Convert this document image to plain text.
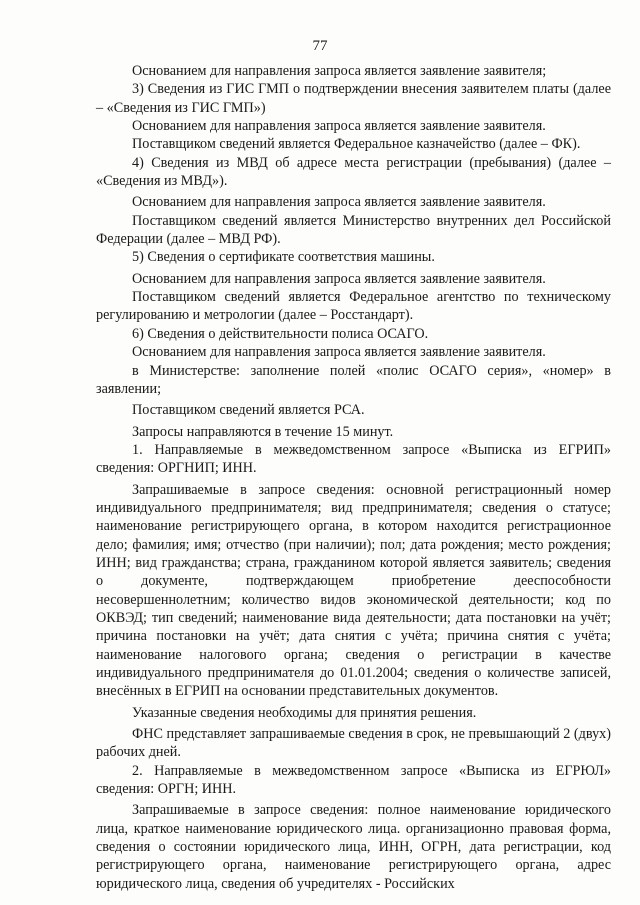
77

Основанием для направления запроса является заявление заявителя;

3) Сведения из ГИС ГМП о подтверждении внесения заявителем платы (далее – «Сведения из ГИС ГМП»)

Основанием для направления запроса является заявление заявителя.

Поставщиком сведений является Федеральное казначейство (далее – ФК).

4) Сведения из МВД об адресе места регистрации (пребывания) (далее – «Сведения из МВД»).

Основанием для направления запроса является заявление заявителя.

Поставщиком сведений является Министерство внутренних дел Российской Федерации (далее – МВД РФ).

5) Сведения о сертификате соответствия машины.

Основанием для направления запроса является заявление заявителя.

Поставщиком сведений является Федеральное агентство по техническому регулированию и метрологии (далее – Росстандарт).

6) Сведения о действительности полиса ОСАГО.

Основанием для направления запроса является заявление заявителя.

в Министерстве: заполнение полей «полис ОСАГО серия», «номер» в заявлении;

Поставщиком сведений является РСА.

Запросы направляются в течение 15 минут.

1. Направляемые в межведомственном запросе «Выписка из ЕГРИП» сведения: ОРГНИП; ИНН.

Запрашиваемые в запросе сведения: основной регистрационный номер индивидуального предпринимателя; вид предпринимателя; сведения о статусе; наименование регистрирующего органа, в котором находится регистрационное дело; фамилия; имя; отчество (при наличии); пол; дата рождения; место рождения; ИНН; вид гражданства; страна, гражданином которой является заявитель; сведения о документе, подтверждающем приобретение дееспособности несовершеннолетним; количество видов экономической деятельности; код по ОКВЭД; тип сведений; наименование вида деятельности; дата постановки на учёт; причина постановки на учёт; дата снятия с учёта; причина снятия с учёта; наименование налогового органа; сведения о регистрации в качестве индивидуального предпринимателя до 01.01.2004; сведения о количестве записей, внесённых в ЕГРИП на основании представительных документов.

Указанные сведения необходимы для принятия решения.

ФНС представляет запрашиваемые сведения в срок, не превышающий 2 (двух) рабочих дней.

2. Направляемые в межведомственном запросе «Выписка из ЕГРЮЛ» сведения: ОРГН; ИНН.

Запрашиваемые в запросе сведения: полное наименование юридического лица, краткое наименование юридического лица. организационно правовая форма, сведения о состоянии юридического лица, ИНН, ОГРН, дата регистрации, код регистрирующего органа, наименование регистрирующего органа, адрес юридического лица, сведения об учредителях - Российских
